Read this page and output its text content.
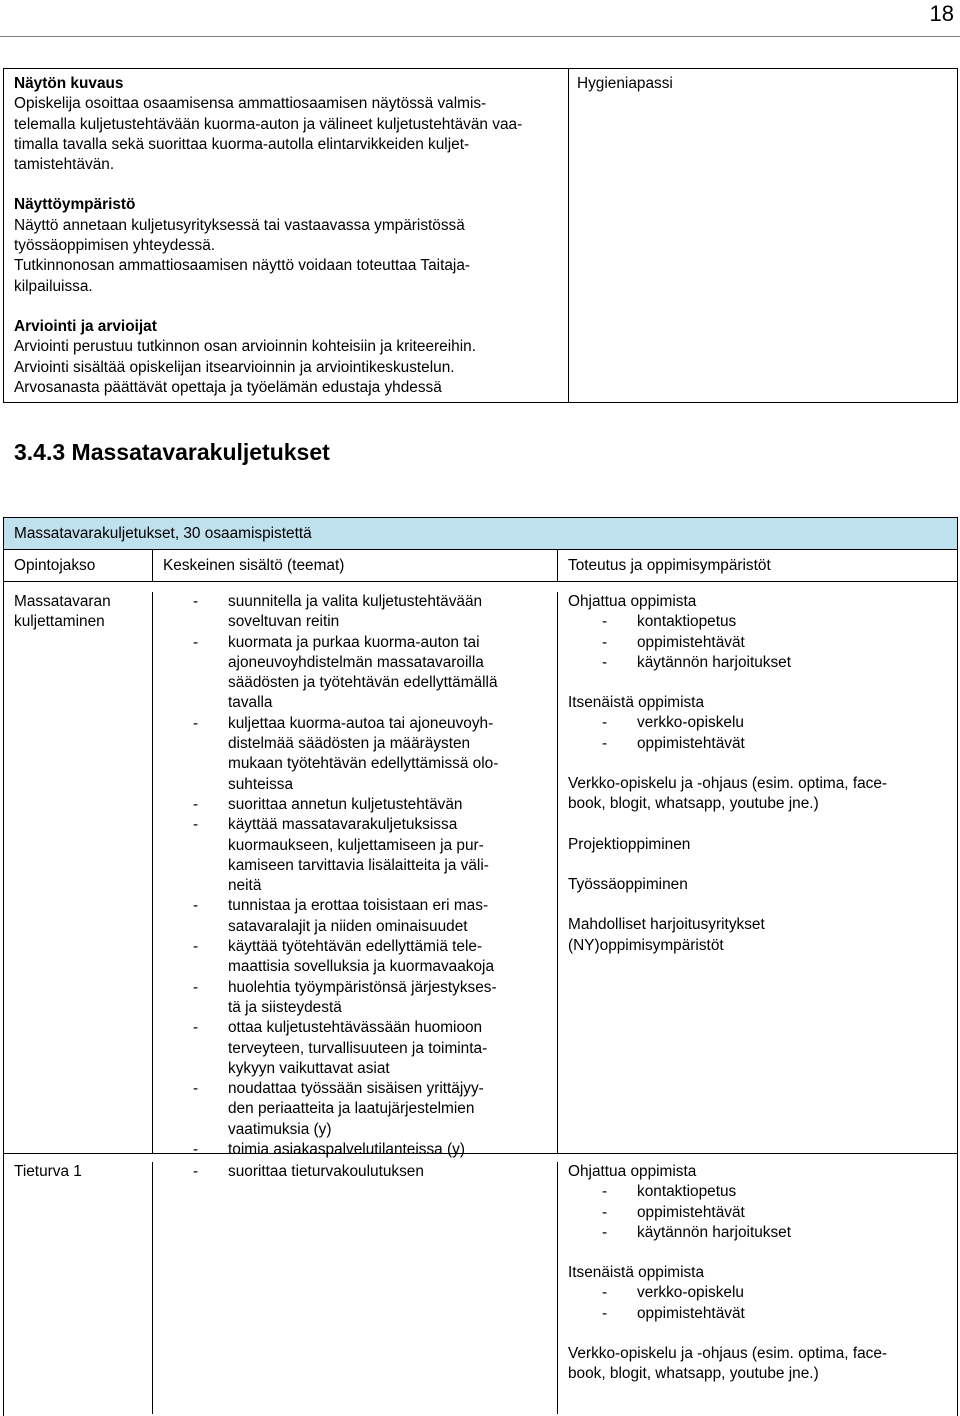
18
Näytön kuvaus
Opiskelija osoittaa osaamisensa ammattiosaamisen näytössä valmis-
telemalla kuljetustehtävään kuorma-auton ja välineet kuljetustehtävän vaa-
timalla tavalla sekä suorittaa kuorma-autolla elintarvikkeiden kuljet-
tamistehtävän.
Näyttöympäristö
Näyttö annetaan kuljetusyrityksessä tai vastaavassa ympäristössä
työssäoppimisen yhteydessä.
Tutkinnonosan ammattiosaamisen näyttö voidaan toteuttaa Taitaja-
kilpailuissa.
Arviointi ja arvioijat
Arviointi perustuu tutkinnon osan arvioinnin kohteisiin ja kriteereihin.
Arviointi sisältää opiskelijan itsearvioinnin ja arviointikeskustelun.
Arvosanasta päättävät opettaja ja työelämän edustaja yhdessä
Hygieniapassi
3.4.3 Massatavarakuljetukset
Massatavarakuljetukset, 30 osaamispistettä
Opintojakso	Keskeinen sisältö (teemat)	Toteutus ja oppimisympäristöt
Massatavaran
kuljettaminen
- suunnitella ja valita kuljetustehtävään
soveltuvan reitin
- kuormata ja purkaa kuorma-auton tai
ajoneuvoyhdistelmän massatavaroilla
säädösten ja työtehtävän edellyttämällä
tavalla
- kuljettaa kuorma-autoa tai ajoneuvoyh-
distelmää säädösten ja määräysten
mukaan työtehtävän edellyttämissä olo-
suhteissa
- suorittaa annetun kuljetustehtävän
- käyttää massatavarakuljetuksissa
kuormaukseen, kuljettamiseen ja pur-
kamiseen tarvittavia lisälaitteita ja väli-
neitä
- tunnistaa ja erottaa toisistaan eri mas-
satavaralajit ja niiden ominaisuudet
- käyttää työtehtävän edellyttämiä tele-
maattisia sovelluksia ja kuormavaakoja
- huolehtia työympäristönsä järjestykses-
tä ja siisteydestä
- ottaa kuljetustehtävässään huomioon
terveyteen, turvallisuuteen ja toiminta-
kykyyn vaikuttavat asiat
- noudattaa työssään sisäisen yrittäjyy-
den periaatteita ja laatujärjestelmien
vaatimuksia (y)
- toimia asiakaspalvelutilanteissa (y)
Ohjattua oppimista
- kontaktiopetus
- oppimistehtävät
- käytännön harjoitukset
Itsenäistä oppimista
- verkko-opiskelu
- oppimistehtävät
Verkko-opiskelu ja -ohjaus (esim. optima, face-
book, blogit, whatsapp, youtube jne.)
Projektioppiminen
Työssäoppiminen
Mahdolliset harjoitusyritykset
(NY)oppimisympäristöt
Tieturva 1
-	suorittaa tieturvakoulutuksen	Ohjattua oppimista
- kontaktiopetus
- oppimistehtävät
- käytännön harjoitukset
Itsenäistä oppimista
- verkko-opiskelu
- oppimistehtävät
Verkko-opiskelu ja -ohjaus (esim. optima, face-
book, blogit, whatsapp, youtube jne.)
